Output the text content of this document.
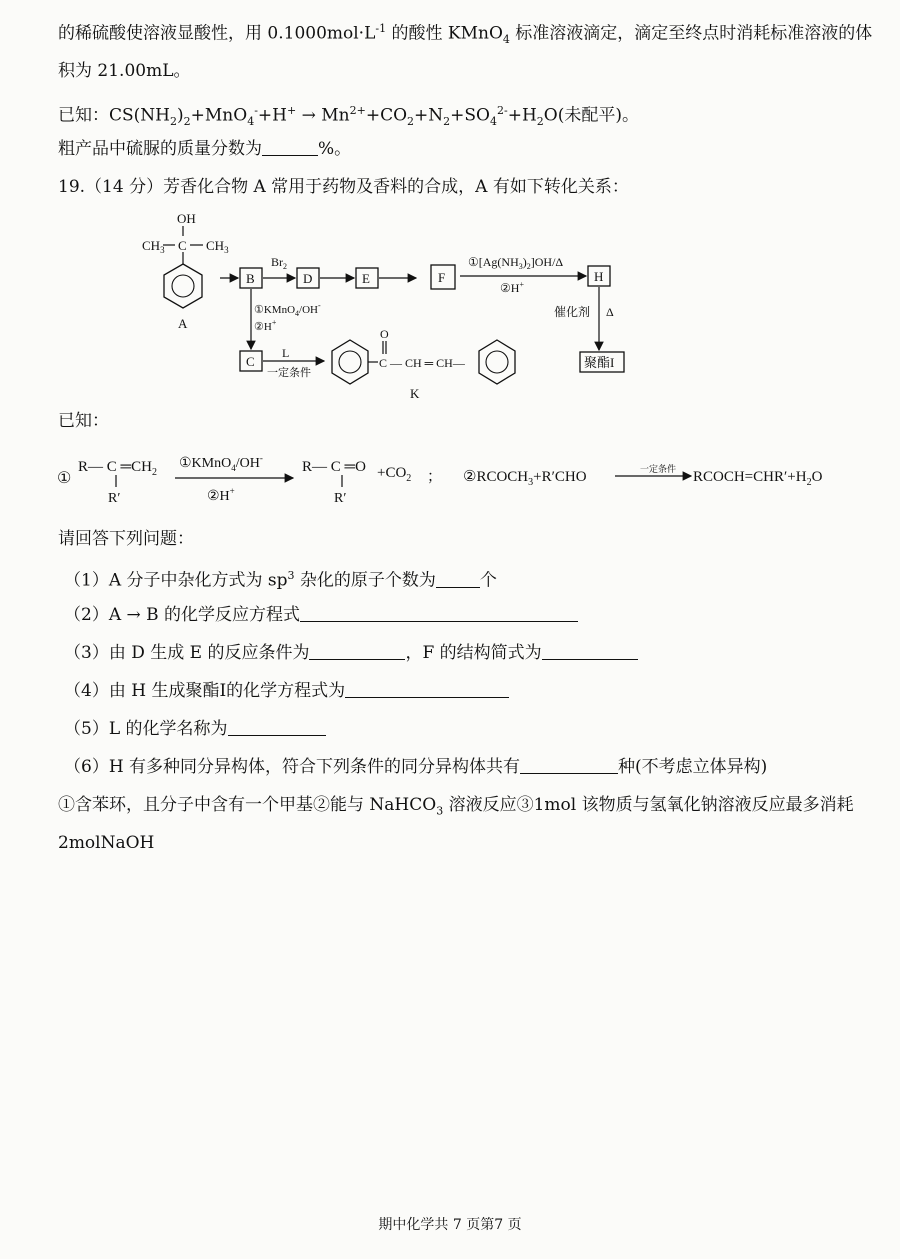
的稀硫酸使溶液显酸性，用 $0.1000mol\cdot L^{-1}$ 的酸性 KMnO$_4$ 标准溶液滴定，滴定至终点时消耗标准溶液的体
积为 21.00mL。
已知：$CS(NH_2)_2+MnO_4^-+H^+ \to Mn^{2+}+CO_2+N_2+SO_4^{2-}+H_2O$(未配平)。
粗产品中硫脲的质量分数为	%。
19.（14 分）芳香化合物 A 常用于药物及香料的合成，A 有如下转化关系：
OH
$CH_3$ C $CH_3$
A
B
$Br_2$
D	E	F
$①[Ag(NH_3)_2]OH/\Delta$
②H+
H
催化剂 Δ
聚酯I
①KMnO$_4$/OH-
②H+
C
L
一定条件
O
C — CH ═ CH—
K
已知：
①
R— C $═CH_2$
R′
①KMnO$_4$/OH-
②H+
R— C ═O $+CO_2$
R′
； $②RCOCH_3+R'CHO$	一定条件 $RCOCH=CHR'+H_2O$
请回答下列问题：
（1）A 分子中杂化方式为 $sp^3$ 杂化的原子个数为	个
（2）A → B 的化学反应方程式
（3）由 D 生成 E 的反应条件为	，F 的结构简式为
（4）由 H 生成聚酯I的化学方程式为
（5）L 的化学名称为
（6）H 有多种同分异构体，符合下列条件的同分异构体共有	种(不考虑立体异构)
①含苯环，且分子中含有一个甲基②能与 NaHCO$_3$ 溶液反应③1mol 该物质与氢氧化钠溶液反应最多消耗
2molNaOH
期中化学共 7 页第7 页
